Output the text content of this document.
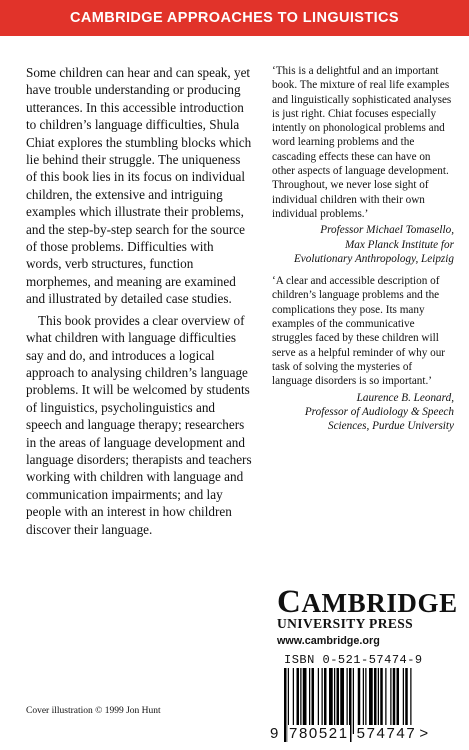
CAMBRIDGE APPROACHES TO LINGUISTICS

Some children can hear and can speak, yet have trouble understanding or producing utterances. In this accessible introduction to children’s language difficulties, Shula Chiat explores the stumbling blocks which lie behind their struggle. The uniqueness of this book lies in its focus on individual children, the extensive and intriguing examples which illustrate their problems, and the step-by-step search for the source of those problems. Difficulties with words, verb structures, function morphemes, and meaning are examined and illustrated by detailed case studies.

This book provides a clear overview of what children with language difficulties say and do, and introduces a logical approach to analysing children’s language problems. It will be welcomed by students of linguistics, psycholinguistics and speech and language therapy; researchers in the areas of language development and language disorders; therapists and teachers working with children with language and communication impairments; and lay people with an interest in how children discover their language.

‘This is a delightful and an important book. The mixture of real life examples and linguistically sophisticated analyses is just right. Chiat focuses especially intently on phonological problems and word learning problems and the cascading effects these can have on other aspects of language development. Throughout, we never lose sight of individual children with their own individual problems.’
Professor Michael Tomasello,
Max Planck Institute for
Evolutionary Anthropology, Leipzig
‘A clear and accessible description of children’s language problems and the complications they pose. Its many examples of the communicative struggles faced by these children will serve as a helpful reminder of why our task of solving the mysteries of language disorders is so important.’
Laurence B. Leonard,
Professor of Audiology & Speech
Sciences, Purdue University
CAMBRIDGE
UNIVERSITY PRESS
www.cambridge.org
ISBN 0-521-57474-9
9 780521 574747 >
Cover illustration © 1999 Jon Hunt
